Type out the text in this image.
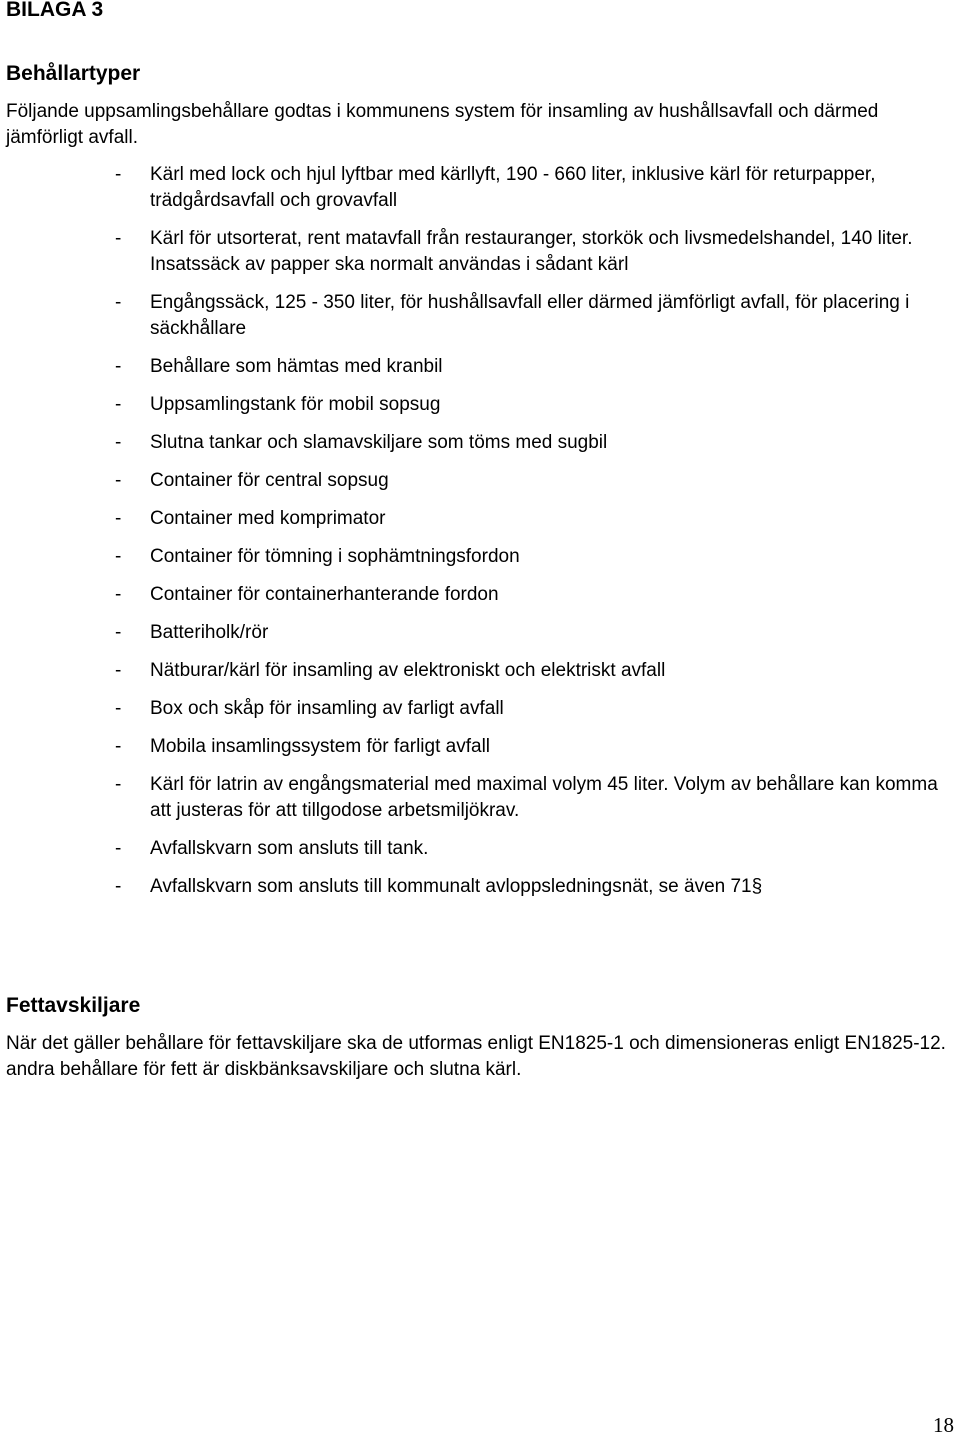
BILAGA 3
Behållartyper
Följande uppsamlingsbehållare godtas i kommunens system för insamling av hushållsavfall och därmed jämförligt avfall.
- Kärl med lock och hjul lyftbar med kärllyft, 190 - 660 liter, inklusive kärl för returpapper, trädgårdsavfall och grovavfall
- Kärl för utsorterat, rent matavfall från restauranger, storkök och livsmedelshandel, 140 liter. Insatssäck av papper ska normalt användas i sådant kärl
- Engångssäck, 125 - 350 liter, för hushållsavfall eller därmed jämförligt avfall, för placering i säckhållare
- Behållare som hämtas med kranbil
- Uppsamlingstank för mobil sopsug
- Slutna tankar och slamavskiljare som töms med sugbil
- Container för central sopsug
- Container med komprimator
- Container för tömning i sophämtningsfordon
- Container för containerhanterande fordon
- Batteriholk/rör
- Nätburar/kärl för insamling av elektroniskt och elektriskt avfall
- Box och skåp för insamling av farligt avfall
- Mobila insamlingssystem för farligt avfall
- Kärl för latrin av engångsmaterial med maximal volym 45 liter. Volym av behållare kan komma att justeras för att tillgodose arbetsmiljökrav.
- Avfallskvarn som ansluts till tank.
- Avfallskvarn som ansluts till kommunalt avloppsledningsnät, se även 71§
Fettavskiljare
När det gäller behållare för fettavskiljare ska de utformas enligt EN1825-1 och dimensioneras enligt EN1825-12. andra behållare för fett är diskbänksavskiljare och slutna kärl.
18
